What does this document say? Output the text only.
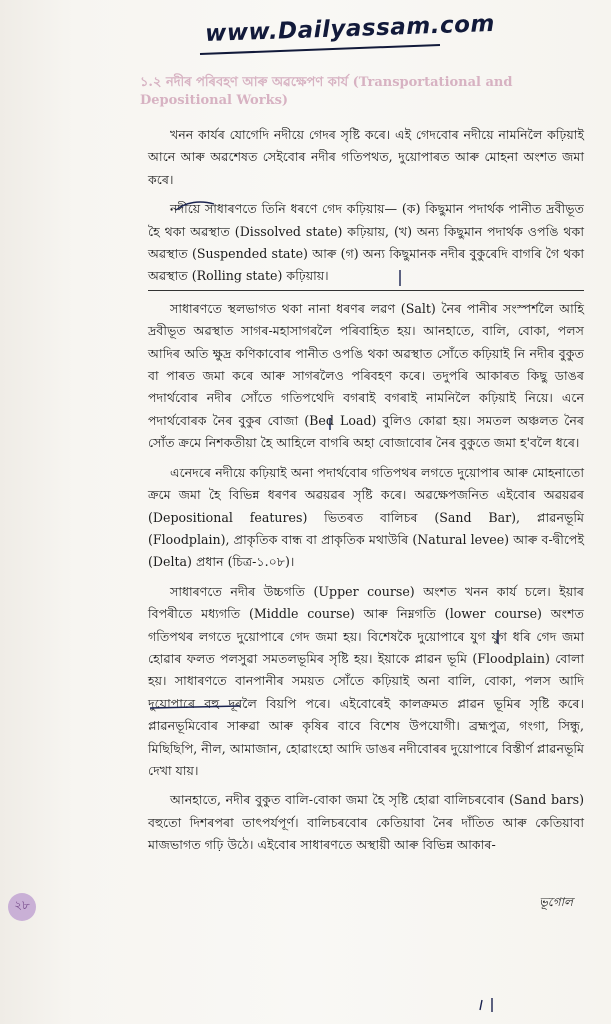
www.Dailyassam.com
১.২ নদীৰ পৰিবহণ আৰু অৱক্ষেপণ কাৰ্য (Transportational and Depositional Works)

খনন কাৰ্যৰ যোগেদি নদীয়ে গেদৰ সৃষ্টি কৰে। এই গেদবোৰ নদীয়ে নামনিলৈ কঢ়িয়াই আনে আৰু অৱশেষত সেইবোৰ নদীৰ গতিপথত, দুয়োপাৰত আৰু মোহনা অংশত জমা কৰে।

নদীয়ে সাধাৰণতে তিনি ধৰণে গেদ কঢ়িয়ায়— (ক) কিছুমান পদাৰ্থক পানীত দ্ৰবীভূত হৈ থকা অৱস্থাত (Dissolved state) কঢ়িয়ায়, (খ) অন্য কিছুমান পদাৰ্থক ওপঙি থকা অৱস্থাত (Suspended state) আৰু (গ) অন্য কিছুমানক নদীৰ বুকুৰেদি বাগৰি গৈ থকা অৱস্থাত (Rolling state) কঢ়িয়ায়।

সাধাৰণতে স্থলভাগত থকা নানা ধৰণৰ লৱণ (Salt) নৈৰ পানীৰ সংস্পৰ্শলৈ আহি দ্ৰবীভূত অৱস্থাত সাগৰ-মহাসাগৰলৈ পৰিবাহিত হয়। আনহাতে, বালি, বোকা, পলস আদিৰ অতি ক্ষুদ্ৰ কণিকাবোৰ পানীত ওপঙি থকা অৱস্থাত সোঁতে কঢ়িয়াই নি নদীৰ বুকুত বা পাৰত জমা কৰে আৰু সাগৰলৈও পৰিবহণ কৰে। তদুপৰি আকাৰত কিছু ডাঙৰ পদাৰ্থবোৰ নদীৰ সোঁতে গতিপথেদি বগৰাই বগৰাই নামনিলৈ কঢ়িয়াই নিয়ে। এনে পদাৰ্থবোৰক নৈৰ বুকুৰ বোজা (Bed Load) বুলিও কোৱা হয়। সমতল অঞ্চলত নৈৰ সোঁত ক্ৰমে নিশকতীয়া হৈ আহিলে বাগৰি অহা বোজাবোৰ নৈৰ বুকুতে জমা হ'বলৈ ধৰে।

এনেদৰে নদীয়ে কঢ়িয়াই অনা পদাৰ্থবোৰ গতিপথৰ লগতে দুয়োপাৰ আৰু মোহনাতো ক্ৰমে জমা হৈ বিভিন্ন ধৰণৰ অৱয়ৱৰ সৃষ্টি কৰে। অৱক্ষেপজনিত এইবোৰ অৱয়ৱৰ (Depositional features) ভিতৰত বালিচৰ (Sand Bar), প্লাৱনভূমি (Floodplain), প্ৰাকৃতিক বান্ধ বা প্ৰাকৃতিক মথাউৰি (Natural levee) আৰু ব-দ্বীপেই (Delta) প্ৰধান (চিত্ৰ-১.০৮)।

সাধাৰণতে নদীৰ উচ্চগতি (Upper course) অংশত খনন কাৰ্য চলে। ইয়াৰ বিপৰীতে মধ্যগতি (Middle course) আৰু নিম্নগতি (lower course) অংশত গতিপথৰ লগতে দুয়োপাৰে গেদ জমা হয়। বিশেষকৈ দুয়োপাৰে যুগ যুগ ধৰি গেদ জমা হোৱাৰ ফলত পলসুৱা সমতলভূমিৰ সৃষ্টি হয়। ইয়াকে প্লাৱন ভূমি (Floodplain) বোলা হয়। সাধাৰণতে বানপানীৰ সময়ত সোঁতে কঢ়িয়াই অনা বালি, বোকা, পলস আদি দুয়োপাৰে বহু দূৰলৈ বিয়পি পৰে। এইবোৰেই কালক্ৰমত প্লাৱন ভূমিৰ সৃষ্টি কৰে। প্লাৱনভূমিবোৰ সাৰুৱা আৰু কৃষিৰ বাবে বিশেষ উপযোগী। ব্ৰহ্মপুত্ৰ, গংগা, সিন্ধু, মিছিছিপি, নীল, আমাজান, হোৱাংহো আদি ডাঙৰ নদীবোৰৰ দুয়োপাৰে বিস্তীৰ্ণ প্লাৱনভূমি দেখা যায়।

আনহাতে, নদীৰ বুকুত বালি-বোকা জমা হৈ সৃষ্টি হোৱা বালিচৰবোৰ (Sand bars) বহুতো দিশৰপৰা তাৎপৰ্যপূৰ্ণ। বালিচৰবোৰ কেতিয়াবা নৈৰ দাঁতিত আৰু কেতিয়াবা মাজভাগত গঢ়ি উঠে। এইবোৰ সাধাৰণতে অস্থায়ী আৰু বিভিন্ন আকাৰ-

২৮	ভূগোল
